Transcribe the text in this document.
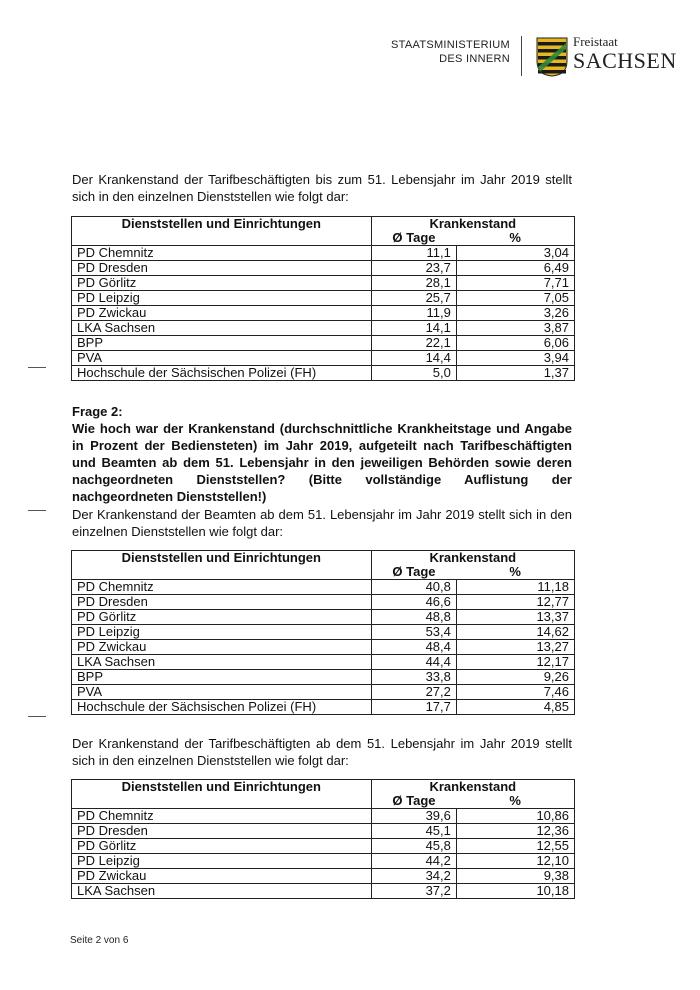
STAATSMINISTERIUM
DES INNERN
Freistaat
SACHSEN

Der Krankenstand der Tarifbeschäftigten bis zum 51. Lebensjahr im Jahr 2019 stellt sich in den einzelnen Dienststellen wie folgt dar:

Dienststellen und Einrichtungen	Krankenstand	
	Ø Tage	%
PD Chemnitz	11,1	3,04
PD Dresden	23,7	6,49
PD Görlitz	28,1	7,71
PD Leipzig	25,7	7,05
PD Zwickau	11,9	3,26
LKA Sachsen	14,1	3,87
BPP	22,1	6,06
PVA	14,4	3,94
Hochschule der Sächsischen Polizei (FH)	5,0	1,37
Frage 2:
Wie hoch war der Krankenstand (durchschnittliche Krankheitstage und Angabe in Prozent der Bediensteten) im Jahr 2019, aufgeteilt nach Tarifbeschäftigten und Beamten ab dem 51. Lebensjahr in den jeweiligen Behörden sowie deren nachgeordneten Dienststellen? (Bitte vollständige Auflistung der nachgeordneten Dienststellen!)

Der Krankenstand der Beamten ab dem 51. Lebensjahr im Jahr 2019 stellt sich in den einzelnen Dienststellen wie folgt dar:

Dienststellen und Einrichtungen	Krankenstand	
	Ø Tage	%
PD Chemnitz	40,8	11,18
PD Dresden	46,6	12,77
PD Görlitz	48,8	13,37
PD Leipzig	53,4	14,62
PD Zwickau	48,4	13,27
LKA Sachsen	44,4	12,17
BPP	33,8	9,26
PVA	27,2	7,46
Hochschule der Sächsischen Polizei (FH)	17,7	4,85

Der Krankenstand der Tarifbeschäftigten ab dem 51. Lebensjahr im Jahr 2019 stellt sich in den einzelnen Dienststellen wie folgt dar:

Dienststellen und Einrichtungen	Krankenstand	
	Ø Tage	%
PD Chemnitz	39,6	10,86
PD Dresden	45,1	12,36
PD Görlitz	45,8	12,55
PD Leipzig	44,2	12,10
PD Zwickau	34,2	9,38
LKA Sachsen	37,2	10,18
Seite 2 von 6
